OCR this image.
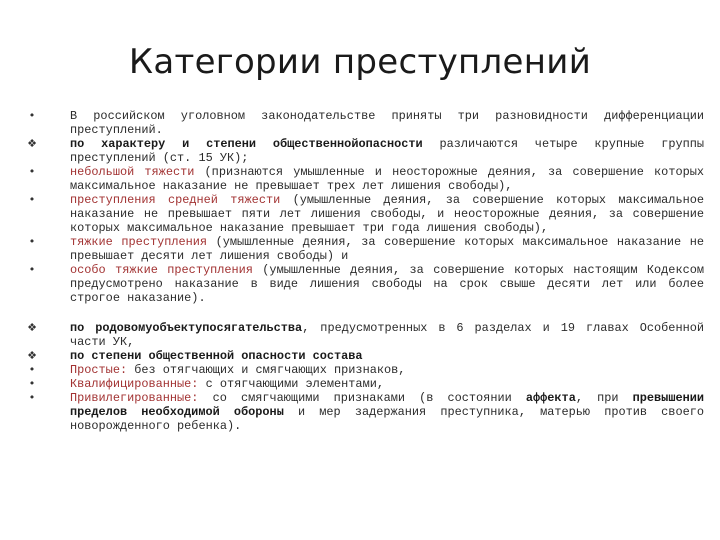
Категории преступлений
•	В российском уголовном законодательстве приняты три разновидности дифференциации преступлений.
❖	по характеру и степени общественнойопасности различаются четыре крупные группы преступлений (ст. 15 УК);
•	небольшой тяжести (признаются умышленные и неосторожные деяния, за совершение которых максимальное наказание не превышает трех лет лишения свободы),
•	преступления средней тяжести (умышленные деяния, за совершение которых максимальное наказание не превышает пяти лет лишения свободы, и неосторожные деяния, за совершение которых максимальное наказание превышает три года лишения свободы),
•	тяжкие преступления (умышленные деяния, за совершение которых максимальное наказание не превышает десяти лет лишения свободы) и
•	особо тяжкие преступления (умышленные деяния, за совершение которых настоящим Кодексом предусмотрено наказание в виде лишения свободы на срок свыше десяти лет или более строгое наказание).
❖	по родовомуобъектупосягательства, предусмотренных в 6 разделах и 19 главах Особенной части УК,
❖	по степени общественной опасности состава
•	Простые: без отягчающих и смягчающих признаков,
•	Квалифицированные: с отягчающими элементами,
•	Привилегированные: со смягчающими признаками (в состоянии аффекта, при превышении пределов необходимой обороны и мер задержания преступника, матерью против своего новорожденного ребенка).
